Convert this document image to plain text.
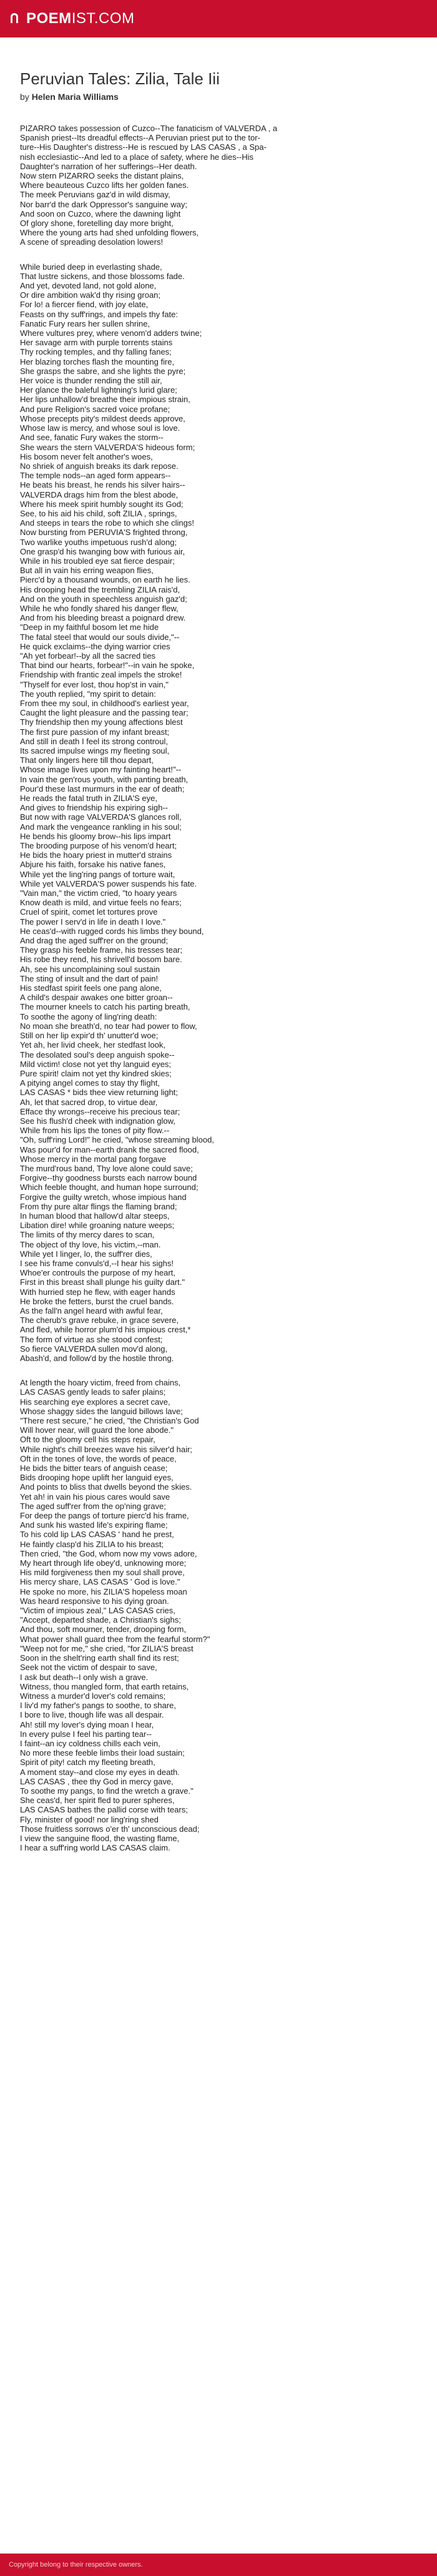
POEMIST.COM
Peruvian Tales: Zilia, Tale Iii
by Helen Maria Williams
PIZARRO takes possession of Cuzco--The fanaticism of VALVERDA , a
Spanish priest--Its dreadful effects--A Peruvian priest put to the tor-
ture--His Daughter's distress--He is rescued by LAS CASAS , a Spa-
nish ecclesiastic--And led to a place of safety, where he dies--His
Daughter's narration of her sufferings--Her death.
Now stern PIZARRO seeks the distant plains,
Where beauteous Cuzco lifts her golden fanes.
The meek Peruvians gaz'd in wild dismay,
Nor barr'd the dark Oppressor's sanguine way;
And soon on Cuzco, where the dawning light
Of glory shone, foretelling day more bright,
Where the young arts had shed unfolding flowers,
A scene of spreading desolation lowers!
While buried deep in everlasting shade,
That lustre sickens, and those blossoms fade.
And yet, devoted land, not gold alone,
Or dire ambition wak'd thy rising groan;
For lo! a fiercer fiend, with joy elate,
Feasts on thy suff'rings, and impels thy fate:
Fanatic Fury rears her sullen shrine,
Where vultures prey, where venom'd adders twine;
Her savage arm with purple torrents stains
Thy rocking temples, and thy falling fanes;
Her blazing torches flash the mounting fire,
She grasps the sabre, and she lights the pyre;
Her voice is thunder rending the still air,
Her glance the baleful lightning's lurid glare;
Her lips unhallow'd breathe their impious strain,
And pure Religion's sacred voice profane;
Whose precepts pity's mildest deeds approve,
Whose law is mercy, and whose soul is love.
And see, fanatic Fury wakes the storm--
She wears the stern VALVERDA'S hideous form;
His bosom never felt another's woes,
No shriek of anguish breaks its dark repose.
The temple nods--an aged form appears--
He beats his breast, he rends his silver hairs--
VALVERDA drags him from the blest abode,
Where his meek spirit humbly sought its God;
See, to his aid his child, soft ZILIA , springs,
And steeps in tears the robe to which she clings!
Now bursting from PERUVIA'S frighted throng,
Two warlike youths impetuous rush'd along;
One grasp'd his twanging bow with furious air,
While in his troubled eye sat fierce despair;
But all in vain his erring weapon flies,
Pierc'd by a thousand wounds, on earth he lies.
His drooping head the trembling ZILIA rais'd,
And on the youth in speechless anguish gaz'd;
While he who fondly shared his danger flew,
And from his bleeding breast a poignard drew.
"Deep in my faithful bosom let me hide
The fatal steel that would our souls divide,"--
He quick exclaims--the dying warrior cries
"Ah yet forbear!--by all the sacred ties
That bind our hearts, forbear!"--in vain he spoke,
Friendship with frantic zeal impels the stroke!
"Thyself for ever lost, thou hop'st in vain,"
The youth replied, "my spirit to detain:
From thee my soul, in childhood's earliest year,
Caught the light pleasure and the passing tear;
Thy friendship then my young affections blest
The first pure passion of my infant breast;
And still in death I feel its strong controul,
Its sacred impulse wings my fleeting soul,
That only lingers here till thou depart,
Whose image lives upon my fainting heart!"--
In vain the gen'rous youth, with panting breath,
Pour'd these last murmurs in the ear of death;
He reads the fatal truth in ZILIA'S eye,
And gives to friendship his expiring sigh--
But now with rage VALVERDA'S glances roll,
And mark the vengeance rankling in his soul;
He bends his gloomy brow--his lips impart
The brooding purpose of his venom'd heart;
He bids the hoary priest in mutter'd strains
Abjure his faith, forsake his native fanes,
While yet the ling'ring pangs of torture wait,
While yet VALVERDA'S power suspends his fate.
"Vain man," the victim cried, "to hoary years
Know death is mild, and virtue feels no fears;
Cruel of spirit, comet let tortures prove
The power I serv'd in life in death I love."
He ceas'd--with rugged cords his limbs they bound,
And drag the aged suff'rer on the ground;
They grasp his feeble frame, his tresses tear;
His robe they rend, his shrivell'd bosom bare.
Ah, see his uncomplaining soul sustain
The sting of insult and the dart of pain!
His stedfast spirit feels one pang alone,
A child's despair awakes one bitter groan--
The mourner kneels to catch his parting breath,
To soothe the agony of ling'ring death:
No moan she breath'd, no tear had power to flow,
Still on her lip expir'd th' unutter'd woe;
Yet ah, her livid cheek, her stedfast look,
The desolated soul's deep anguish spoke--
Mild victim! close not yet thy languid eyes;
Pure spirit! claim not yet thy kindred skies;
A pitying angel comes to stay thy flight,
LAS CASAS * bids thee view returning light;
Ah, let that sacred drop, to virtue dear,
Efface thy wrongs--receive his precious tear;
See his flush'd cheek with indignation glow,
While from his lips the tones of pity flow.--
"Oh, suff'ring Lord!" he cried, "whose streaming blood,
Was pour'd for man--earth drank the sacred flood,
Whose mercy in the mortal pang forgave
The murd'rous band, Thy love alone could save;
Forgive--thy goodness bursts each narrow bound
Which feeble thought, and human hope surround;
Forgive the guilty wretch, whose impious hand
From thy pure altar flings the flaming brand;
In human blood that hallow'd altar steeps,
Libation dire! while groaning nature weeps;
The limits of thy mercy dares to scan,
The object of thy love, his victim,--man.
While yet I linger, lo, the suff'rer dies,
I see his frame convuls'd,--I hear his sighs!
Whoe'er controuls the purpose of my heart,
First in this breast shall plunge his guilty dart."
With hurried step he flew, with eager hands
He broke the fetters, burst the cruel bands.
As the fall'n angel heard with awful fear,
The cherub's grave rebuke, in grace severe,
And fled, while horror plum'd his impious crest,*
The form of virtue as she stood confest;
So fierce VALVERDA sullen mov'd along,
Abash'd, and follow'd by the hostile throng.
At length the hoary victim, freed from chains,
LAS CASAS gently leads to safer plains;
His searching eye explores a secret cave,
Whose shaggy sides the languid billows lave;
"There rest secure," he cried, "the Christian's God
Will hover near, will guard the lone abode."
Oft to the gloomy cell his steps repair,
While night's chill breezes wave his silver'd hair;
Oft in the tones of love, the words of peace,
He bids the bitter tears of anguish cease;
Bids drooping hope uplift her languid eyes,
And points to bliss that dwells beyond the skies.
Yet ah! in vain his pious cares would save
The aged suff'rer from the op'ning grave;
For deep the pangs of torture pierc'd his frame,
And sunk his wasted life's expiring flame;
To his cold lip LAS CASAS ' hand he prest,
He faintly clasp'd his ZILIA to his breast;
Then cried, "the God, whom now my vows adore,
My heart through life obey'd, unknowing more;
His mild forgiveness then my soul shall prove,
His mercy share, LAS CASAS ' God is love."
He spoke no more, his ZILIA'S hopeless moan
Was heard responsive to his dying groan.
"Victim of impious zeal," LAS CASAS cries,
"Accept, departed shade, a Christian's sighs;
And thou, soft mourner, tender, drooping form,
What power shall guard thee from the fearful storm?"
"Weep not for me," she cried, "for ZILIA'S breast
Soon in the shelt'ring earth shall find its rest;
Seek not the victim of despair to save,
I ask but death--I only wish a grave.
Witness, thou mangled form, that earth retains,
Witness a murder'd lover's cold remains;
I liv'd my father's pangs to soothe, to share,
I bore to live, though life was all despair.
Ah! still my lover's dying moan I hear,
In every pulse I feel his parting tear--
I faint--an icy coldness chills each vein,
No more these feeble limbs their load sustain;
Spirit of pity! catch my fleeting breath,
A moment stay--and close my eyes in death.
LAS CASAS , thee thy God in mercy gave,
To soothe my pangs, to find the wretch a grave."
She ceas'd, her spirit fled to purer spheres,
LAS CASAS bathes the pallid corse with tears;
Fly, minister of good! nor ling'ring shed
Those fruitless sorrows o'er th' unconscious dead;
I view the sanguine flood, the wasting flame,
I hear a suff'ring world LAS CASAS claim.
Copyright belong to their respective owners.
